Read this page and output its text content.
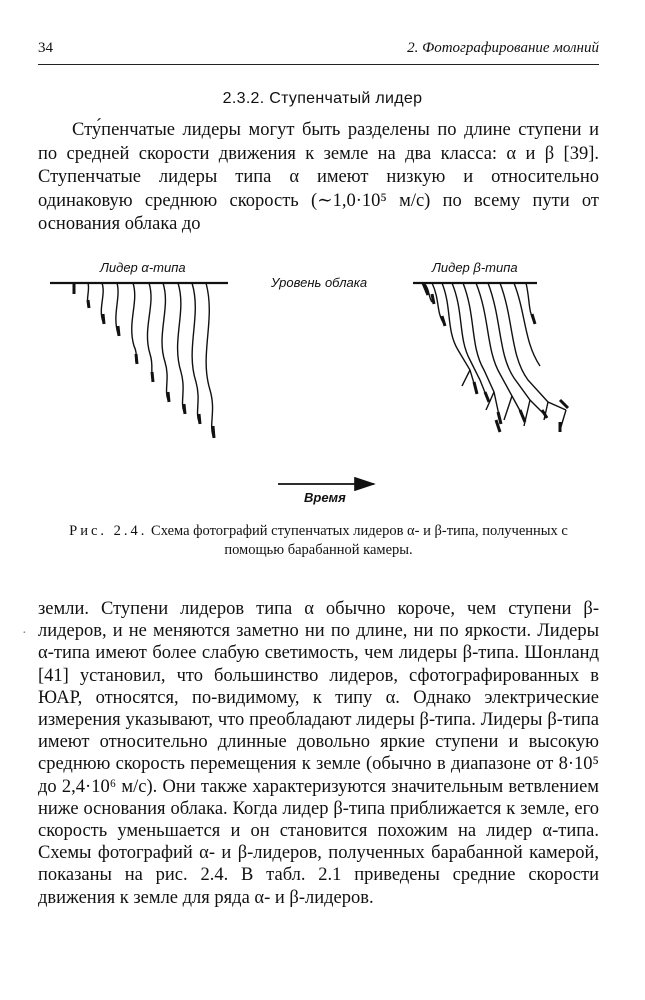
34	2. Фотографирование молний
2.3.2. Ступенчатый лидер

Сту́пенчатые лидеры могут быть разделены по длине ступени и по средней скорости движения к земле на два класса: α и β [39]. Ступенчатые лидеры типа α имеют низкую и относительно одинаковую среднюю скорость (∼1,0·10⁵ м/с) по всему пути от основания облака до

Лидер α-типа
Уровень облака
Лидер β-типа
Время

Рис. 2.4. Схема фотографий ступенчатых лидеров α- и β-типа, полученных с помощью барабанной камеры.

·

земли. Ступени лидеров типа α обычно короче, чем ступени β-лидеров, и не меняются заметно ни по длине, ни по яркости. Лидеры α-типа имеют более слабую светимость, чем лидеры β-типа. Шонланд [41] установил, что большинство лидеров, сфотографированных в ЮАР, относятся, по-видимому, к типу α. Однако электрические измерения указывают, что преобладают лидеры β-типа. Лидеры β-типа имеют относительно длинные довольно яркие ступени и высокую среднюю скорость перемещения к земле (обычно в диапазоне от 8·10⁵ до 2,4·10⁶ м/с). Они также характеризуются значительным ветвлением ниже основания облака. Когда лидер β-типа приближается к земле, его скорость уменьшается и он становится похожим на лидер α-типа. Схемы фотографий α- и β-лидеров, полученных барабанной камерой, показаны на рис. 2.4. В табл. 2.1 приведены средние скорости движения к земле для ряда α- и β-лидеров.
